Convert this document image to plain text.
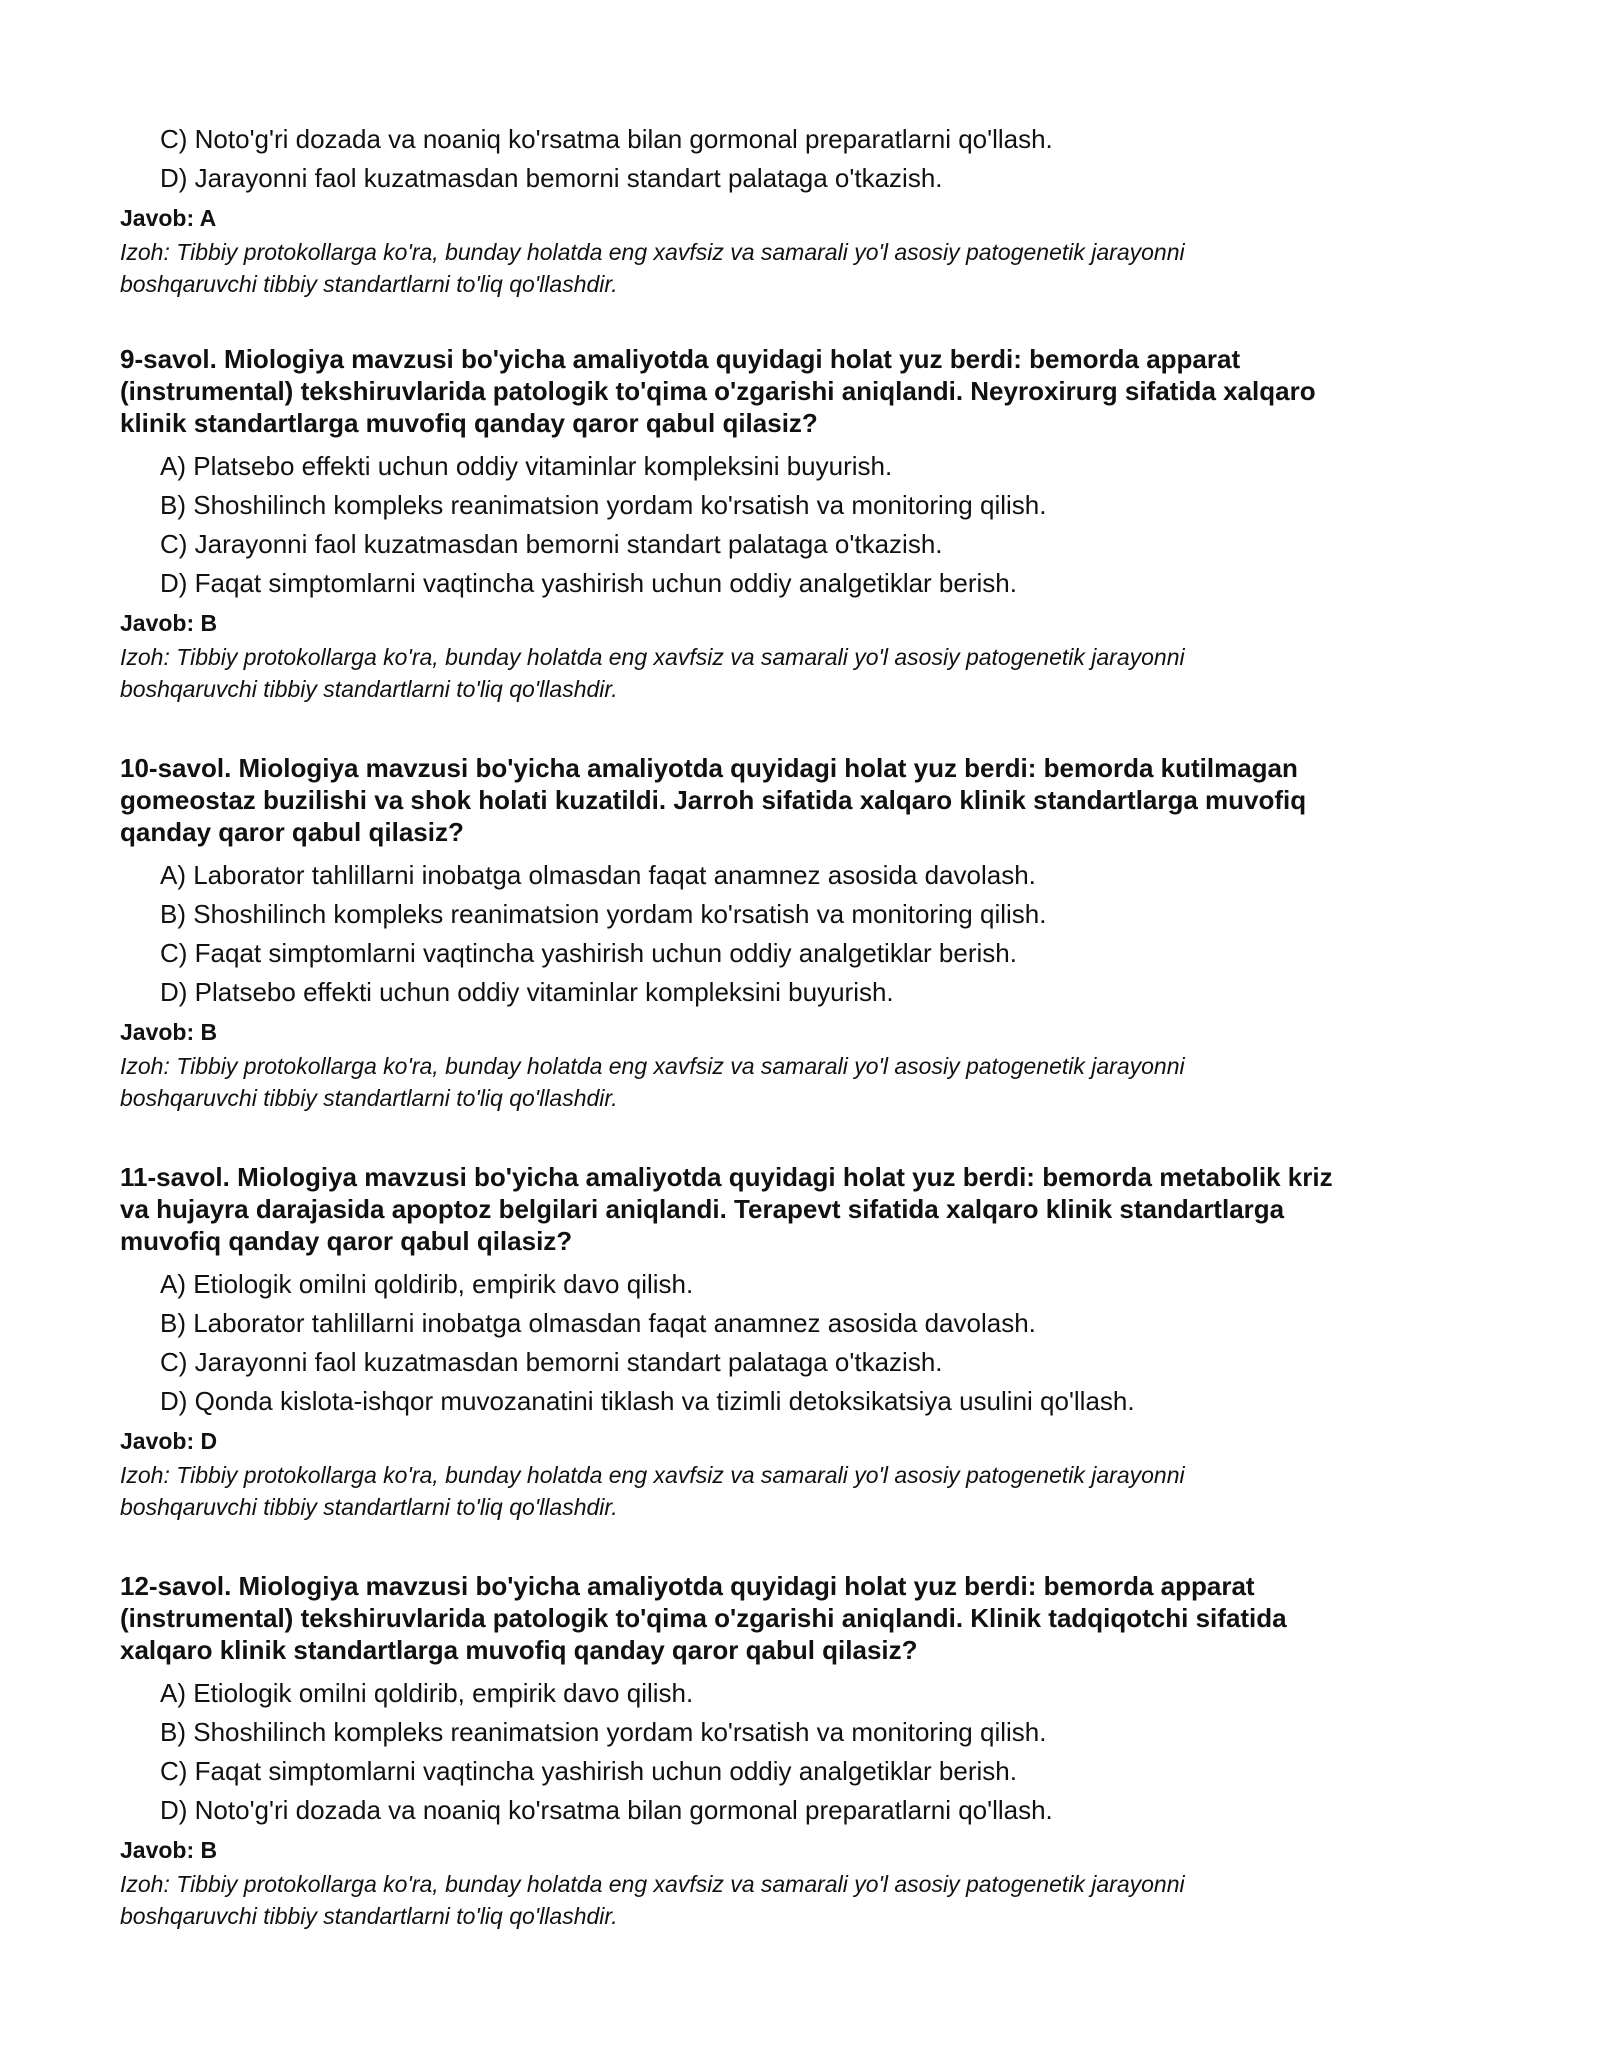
C) Noto'g'ri dozada va noaniq ko'rsatma bilan gormonal preparatlarni qo'llash.
D) Jarayonni faol kuzatmasdan bemorni standart palataga o'tkazish.
Javob: A
Izoh: Tibbiy protokollarga ko'ra, bunday holatda eng xavfsiz va samarali yo'l asosiy patogenetik jarayonni
boshqaruvchi tibbiy standartlarni to'liq qo'llashdir.
9-savol. Miologiya mavzusi bo'yicha amaliyotda quyidagi holat yuz berdi: bemorda apparat
(instrumental) tekshiruvlarida patologik to'qima o'zgarishi aniqlandi. Neyroxirurg sifatida xalqaro
klinik standartlarga muvofiq qanday qaror qabul qilasiz?
A) Platsebo effekti uchun oddiy vitaminlar kompleksini buyurish.
B) Shoshilinch kompleks reanimatsion yordam ko'rsatish va monitoring qilish.
C) Jarayonni faol kuzatmasdan bemorni standart palataga o'tkazish.
D) Faqat simptomlarni vaqtincha yashirish uchun oddiy analgetiklar berish.
Javob: B
Izoh: Tibbiy protokollarga ko'ra, bunday holatda eng xavfsiz va samarali yo'l asosiy patogenetik jarayonni
boshqaruvchi tibbiy standartlarni to'liq qo'llashdir.
10-savol. Miologiya mavzusi bo'yicha amaliyotda quyidagi holat yuz berdi: bemorda kutilmagan
gomeostaz buzilishi va shok holati kuzatildi. Jarroh sifatida xalqaro klinik standartlarga muvofiq
qanday qaror qabul qilasiz?
A) Laborator tahlillarni inobatga olmasdan faqat anamnez asosida davolash.
B) Shoshilinch kompleks reanimatsion yordam ko'rsatish va monitoring qilish.
C) Faqat simptomlarni vaqtincha yashirish uchun oddiy analgetiklar berish.
D) Platsebo effekti uchun oddiy vitaminlar kompleksini buyurish.
Javob: B
Izoh: Tibbiy protokollarga ko'ra, bunday holatda eng xavfsiz va samarali yo'l asosiy patogenetik jarayonni
boshqaruvchi tibbiy standartlarni to'liq qo'llashdir.
11-savol. Miologiya mavzusi bo'yicha amaliyotda quyidagi holat yuz berdi: bemorda metabolik kriz
va hujayra darajasida apoptoz belgilari aniqlandi. Terapevt sifatida xalqaro klinik standartlarga
muvofiq qanday qaror qabul qilasiz?
A) Etiologik omilni qoldirib, empirik davo qilish.
B) Laborator tahlillarni inobatga olmasdan faqat anamnez asosida davolash.
C) Jarayonni faol kuzatmasdan bemorni standart palataga o'tkazish.
D) Qonda kislota-ishqor muvozanatini tiklash va tizimli detoksikatsiya usulini qo'llash.
Javob: D
Izoh: Tibbiy protokollarga ko'ra, bunday holatda eng xavfsiz va samarali yo'l asosiy patogenetik jarayonni
boshqaruvchi tibbiy standartlarni to'liq qo'llashdir.
12-savol. Miologiya mavzusi bo'yicha amaliyotda quyidagi holat yuz berdi: bemorda apparat
(instrumental) tekshiruvlarida patologik to'qima o'zgarishi aniqlandi. Klinik tadqiqotchi sifatida
xalqaro klinik standartlarga muvofiq qanday qaror qabul qilasiz?
A) Etiologik omilni qoldirib, empirik davo qilish.
B) Shoshilinch kompleks reanimatsion yordam ko'rsatish va monitoring qilish.
C) Faqat simptomlarni vaqtincha yashirish uchun oddiy analgetiklar berish.
D) Noto'g'ri dozada va noaniq ko'rsatma bilan gormonal preparatlarni qo'llash.
Javob: B
Izoh: Tibbiy protokollarga ko'ra, bunday holatda eng xavfsiz va samarali yo'l asosiy patogenetik jarayonni
boshqaruvchi tibbiy standartlarni to'liq qo'llashdir.
